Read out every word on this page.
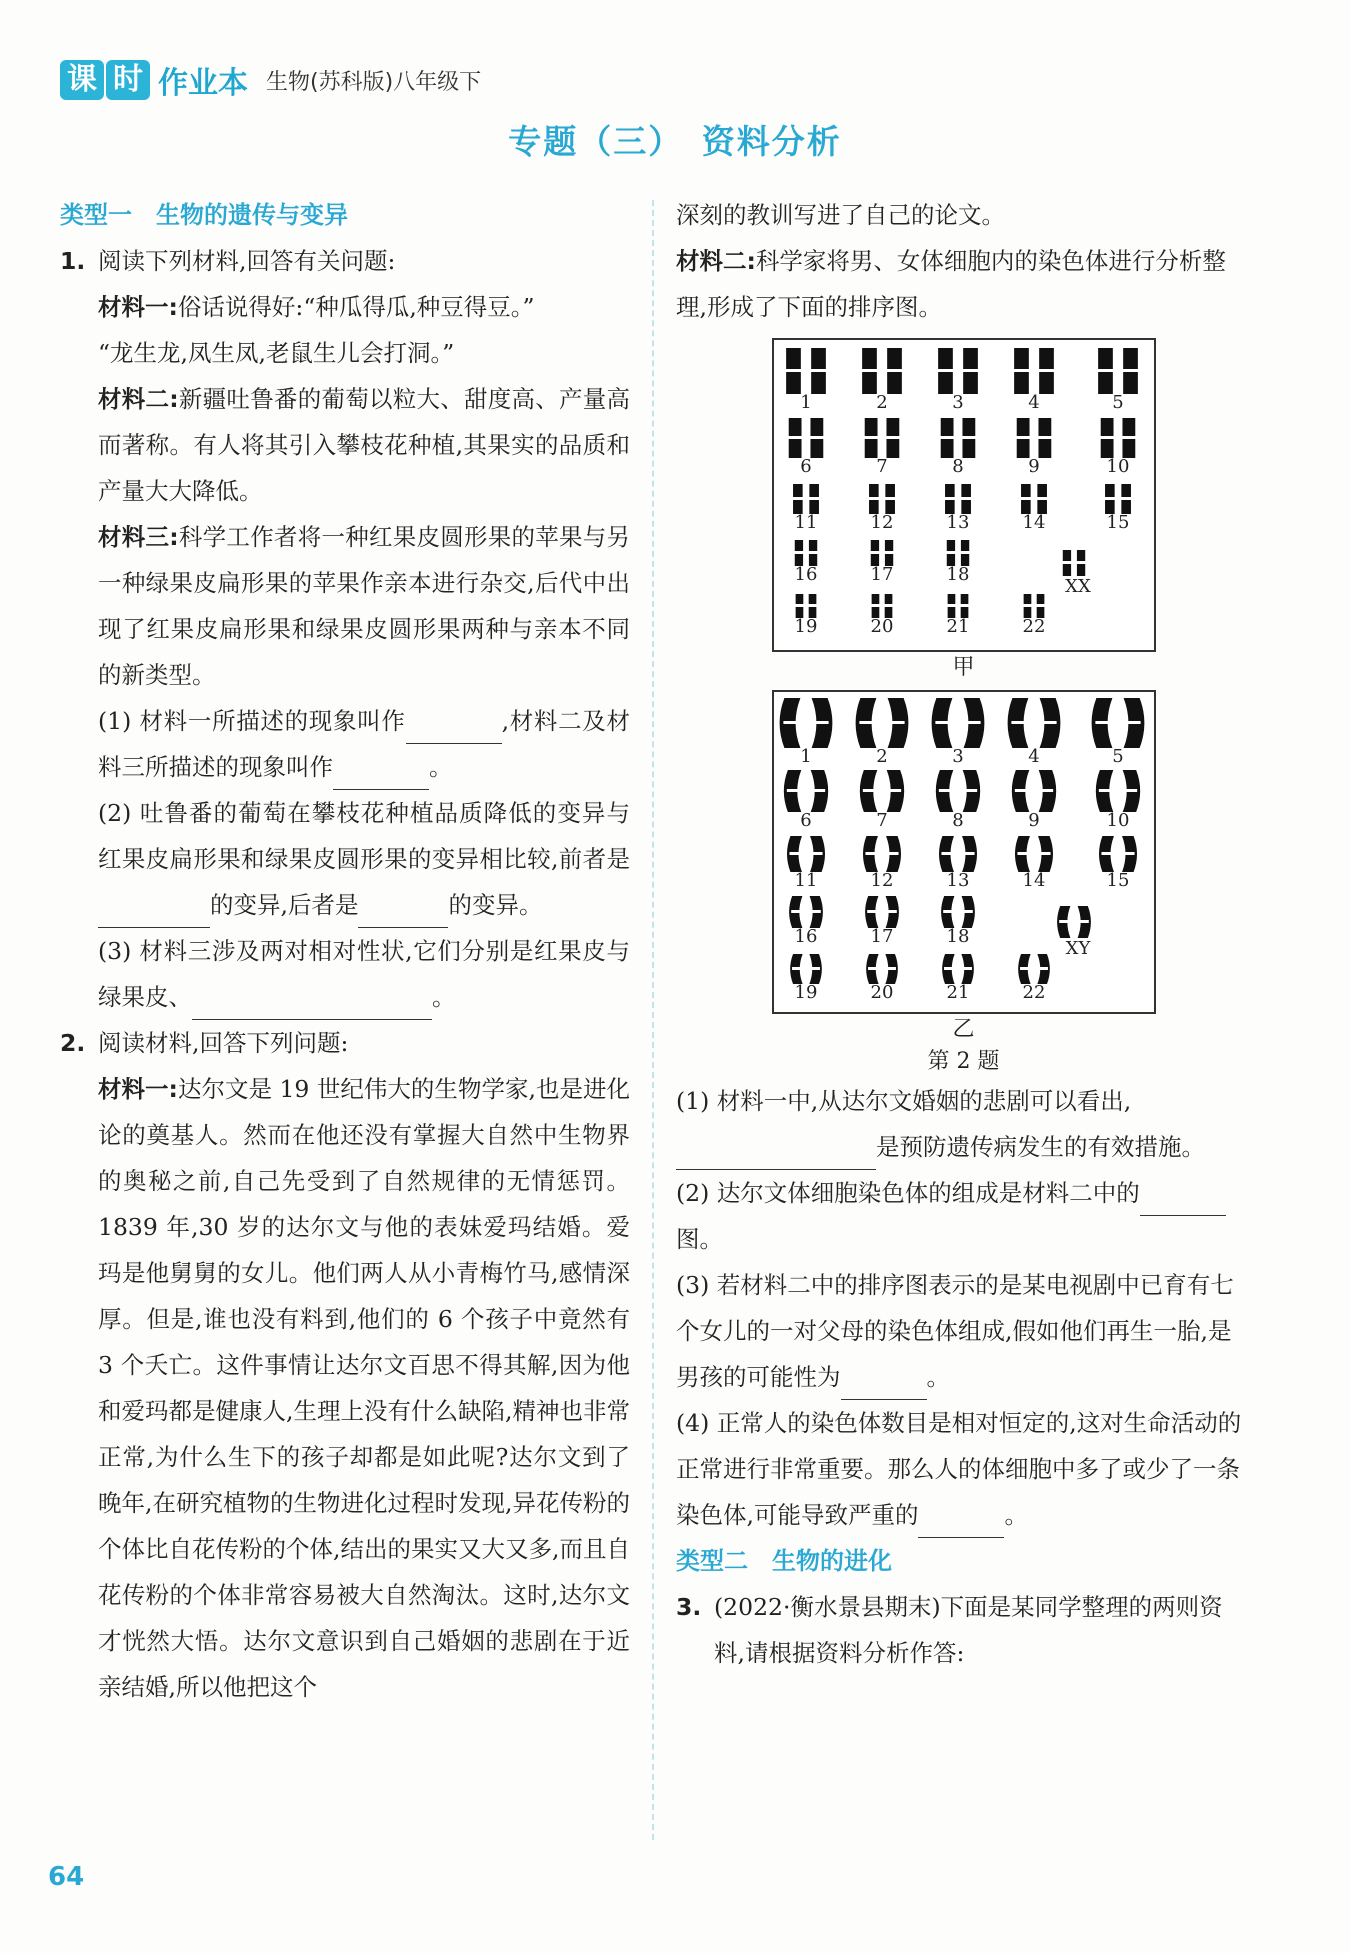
课 时 作业本 生物(苏科版)八年级下
专题（三）　资料分析
类型一　生物的遗传与变异
1. 阅读下列材料,回答有关问题:
材料一:俗话说得好:“种瓜得瓜,种豆得豆。”
“龙生龙,凤生凤,老鼠生儿会打洞。”
材料二:新疆吐鲁番的葡萄以粒大、甜度高、产量高而著称。有人将其引入攀枝花种植,其果实的品质和产量大大降低。
材料三:科学工作者将一种红果皮圆形果的苹果与另一种绿果皮扁形果的苹果作亲本进行杂交,后代中出现了红果皮扁形果和绿果皮圆形果两种与亲本不同的新类型。
(1) 材料一所描述的现象叫作	,材料二及材料三所描述的现象叫作	。
(2) 吐鲁番的葡萄在攀枝花种植品质降低的变异与红果皮扁形果和绿果皮圆形果的变异相比较,前者是的变异,后者是	的变异。
(3) 材料三涉及两对相对性状,它们分别是红果皮与绿果皮、	。
2. 阅读材料,回答下列问题:
材料一:达尔文是 19 世纪伟大的生物学家,也是进化论的奠基人。然而在他还没有掌握大自然中生物界的奥秘之前,自己先受到了自然规律的无情惩罚。1839 年,30 岁的达尔文与他的表妹爱玛结婚。爱玛是他舅舅的女儿。他们两人从小青梅竹马,感情深厚。但是,谁也没有料到,他们的 6 个孩子中竟然有 3 个夭亡。这件事情让达尔文百思不得其解,因为他和爱玛都是健康人,生理上没有什么缺陷,精神也非常正常,为什么生下的孩子却都是如此呢?达尔文到了晚年,在研究植物的生物进化过程时发现,异花传粉的个体比自花传粉的个体,结出的果实又大又多,而且自花传粉的个体非常容易被大自然淘汰。这时,达尔文才恍然大悟。达尔文意识到自己婚姻的悲剧在于近亲结婚,所以他把这个
深刻的教训写进了自己的论文。
材料二:科学家将男、女体细胞内的染色体进行分析整理,形成了下面的排序图。
1	2	3	4	5
6	7	8	9	10
11	12	13	14	15
16	17	18
19	20	21	22
XX
甲
1	2	3	4	5
6	7	8	9	10
11	12	13	14	15
16	17	18
19	20	21	22
XY
乙
第 2 题
(1) 材料一中,从达尔文婚姻的悲剧可以看出,是预防遗传病发生的有效措施。
(2) 达尔文体细胞染色体的组成是材料二中的图。
(3) 若材料二中的排序图表示的是某电视剧中已育有七个女儿的一对父母的染色体组成,假如他们再生一胎,是男孩的可能性为	。
(4) 正常人的染色体数目是相对恒定的,这对生命活动的正常进行非常重要。那么人的体细胞中多了或少了一条染色体,可能导致严重的	。
类型二　生物的进化
3. (2022·衡水景县期末)下面是某同学整理的两则资料,请根据资料分析作答:
64
